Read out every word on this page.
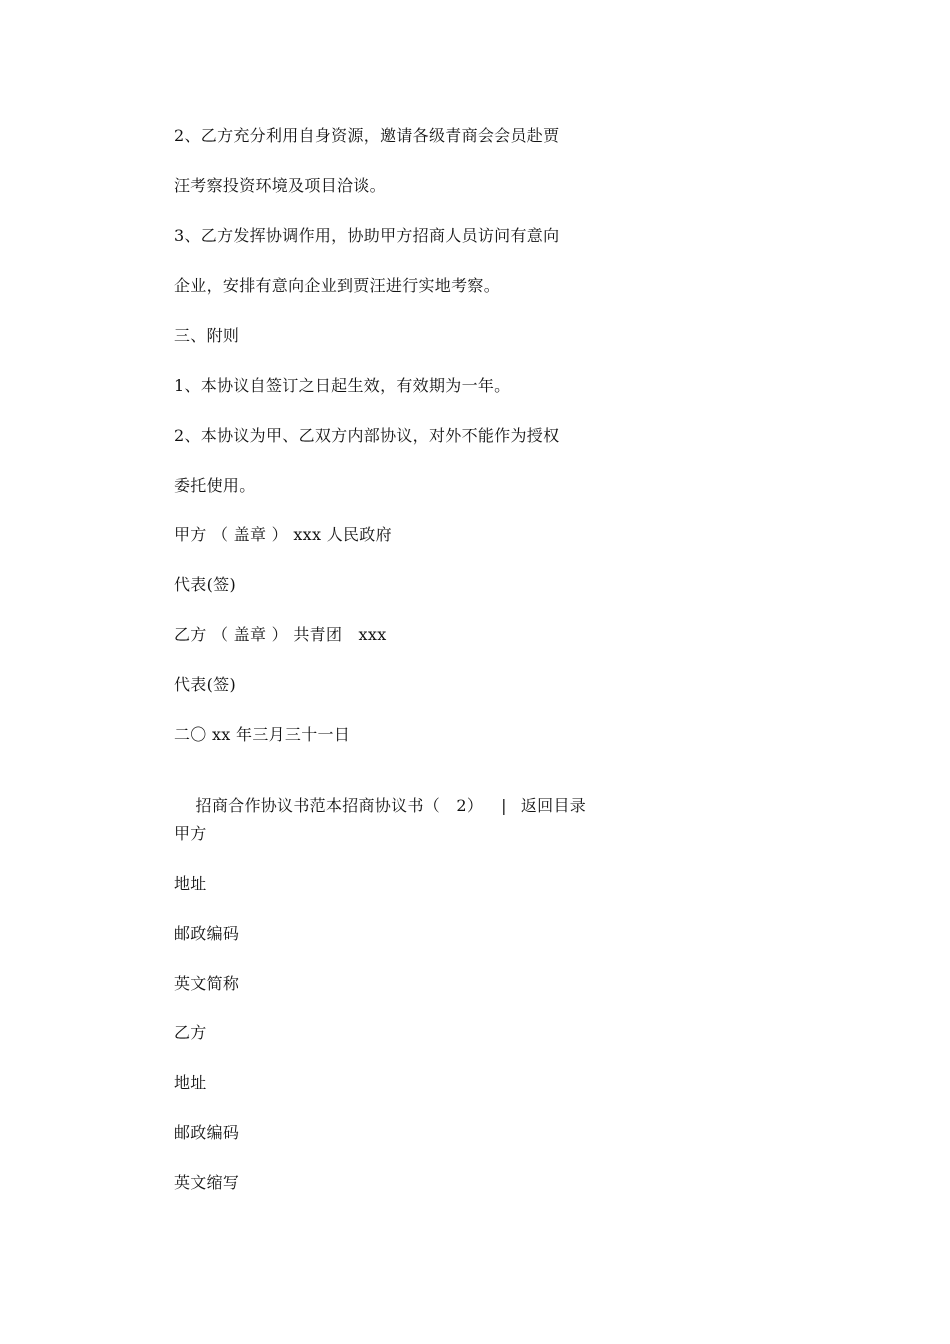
2、乙方充分利用自身资源，邀请各级青商会会员赴贾
汪考察投资环境及项目洽谈。
3、乙方发挥协调作用，协助甲方招商人员访问有意向
企业，安排有意向企业到贾汪进行实地考察。
三、附则
1、本协议自签订之日起生效，有效期为一年。
2、本协议为甲、乙双方内部协议，对外不能作为授权
委托使用。
甲方 （ 盖章 ） xxx 人民政府
代表(签)
乙方 （ 盖章 ） 共青团　xxx
代表(签)
二〇 xx 年三月三十一日

招商合作协议书范本招商协议书（　2） | 返回目录

甲方
地址
邮政编码
英文简称
乙方
地址
邮政编码
英文缩写
